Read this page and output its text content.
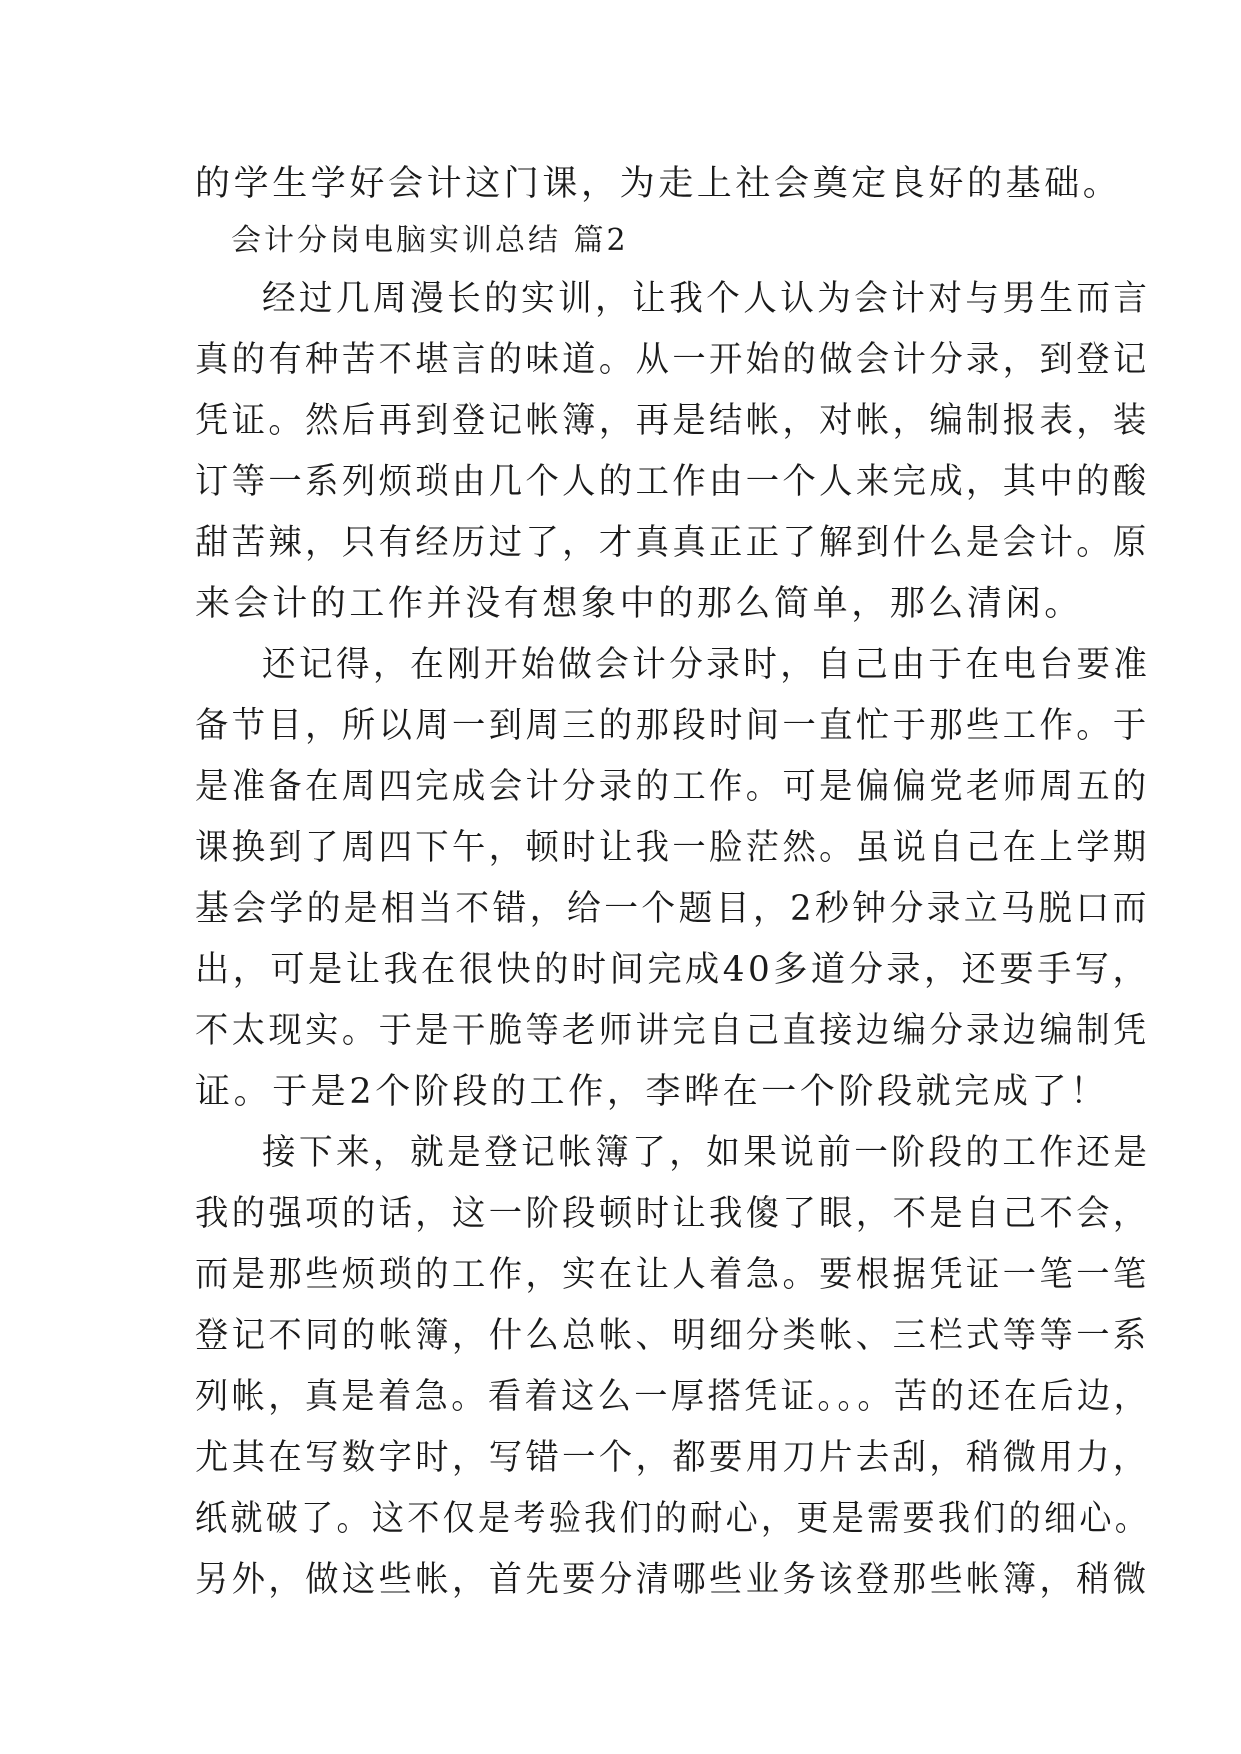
的学生学好会计这门课，为走上社会奠定良好的基础。
会计分岗电脑实训总结 篇2
经过几周漫长的实训，让我个人认为会计对与男生而言
真的有种苦不堪言的味道。从一开始的做会计分录，到登记
凭证。然后再到登记帐簿，再是结帐，对帐，编制报表，装
订等一系列烦琐由几个人的工作由一个人来完成，其中的酸
甜苦辣，只有经历过了，才真真正正了解到什么是会计。原
来会计的工作并没有想象中的那么简单，那么清闲。
还记得，在刚开始做会计分录时，自己由于在电台要准
备节目，所以周一到周三的那段时间一直忙于那些工作。于
是准备在周四完成会计分录的工作。可是偏偏党老师周五的
课换到了周四下午，顿时让我一脸茫然。虽说自己在上学期
基会学的是相当不错，给一个题目，2秒钟分录立马脱口而
出，可是让我在很快的时间完成40多道分录，还要手写，
不太现实。于是干脆等老师讲完自己直接边编分录边编制凭
证。于是2个阶段的工作，李晔在一个阶段就完成了！
接下来，就是登记帐簿了，如果说前一阶段的工作还是
我的强项的话，这一阶段顿时让我傻了眼，不是自己不会，
而是那些烦琐的工作，实在让人着急。要根据凭证一笔一笔
登记不同的帐簿，什么总帐、明细分类帐、三栏式等等一系
列帐，真是着急。看着这么一厚搭凭证。。。苦的还在后边，
尤其在写数字时，写错一个，都要用刀片去刮，稍微用力，
纸就破了。这不仅是考验我们的耐心，更是需要我们的细心。
另外，做这些帐，首先要分清哪些业务该登那些帐簿，稍微
